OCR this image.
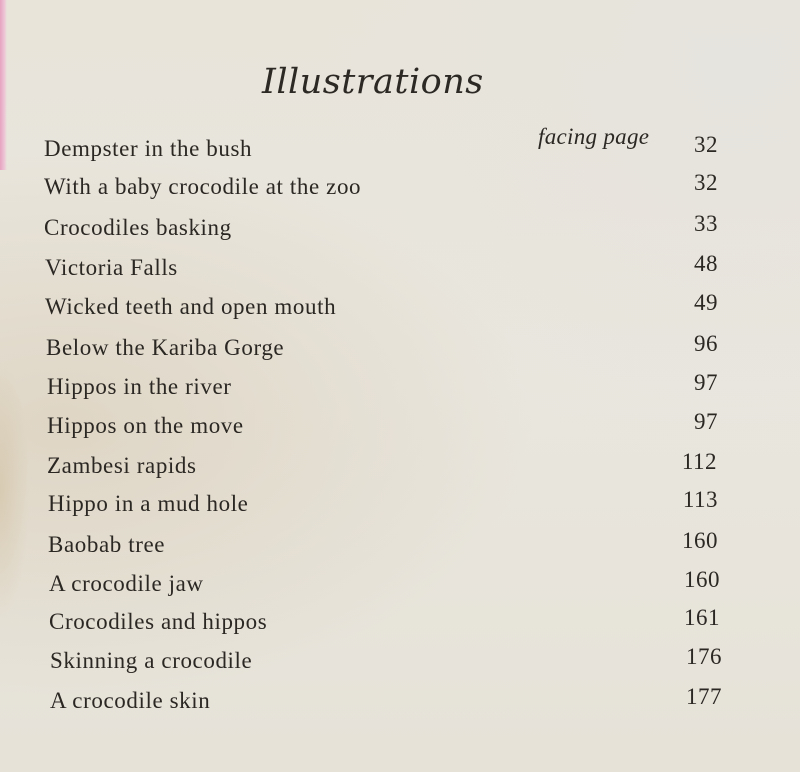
Illustrations
facing page
Dempster in the bush	32
With a baby crocodile at the zoo	32
Crocodiles basking	33
Victoria Falls	48
Wicked teeth and open mouth	49
Below the Kariba Gorge	96
Hippos in the river	97
Hippos on the move	97
Zambesi rapids	112
Hippo in a mud hole	113
Baobab tree	160
A crocodile jaw	160
Crocodiles and hippos	161
Skinning a crocodile	176
A crocodile skin	177
